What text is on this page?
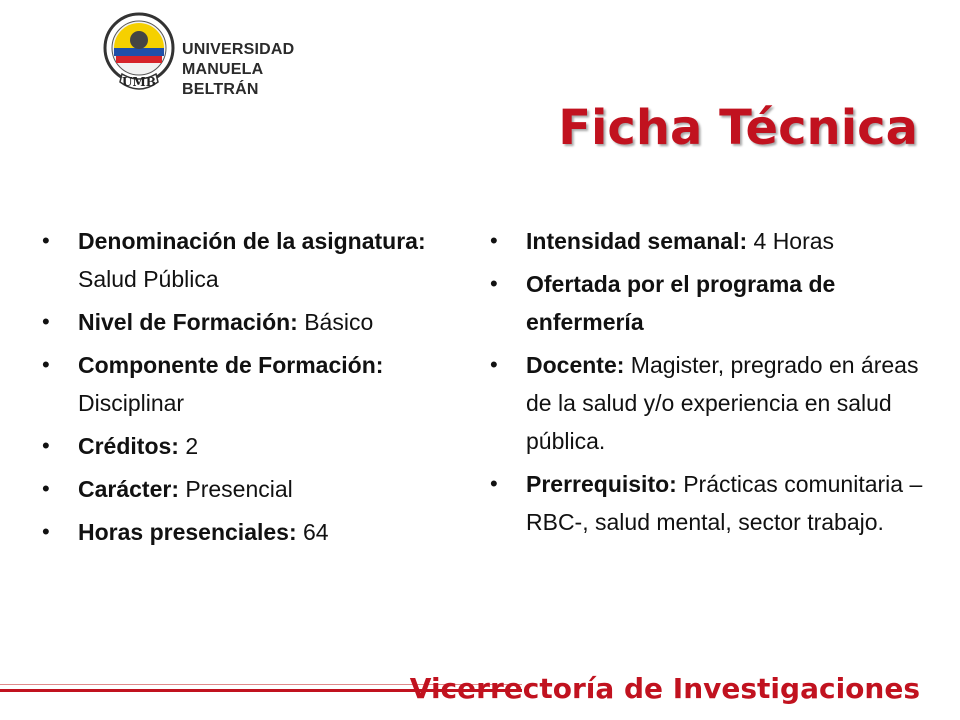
UMB
UNIVERSIDAD
MANUELA BELTRÁN
Ficha Técnica
• Denominación de la asignatura: Salud Pública
• Nivel de Formación: Básico
• Componente de Formación: Disciplinar
• Créditos: 2
• Carácter: Presencial
• Horas presenciales: 64
• Intensidad semanal: 4 Horas
• Ofertada por el programa de enfermería
• Docente: Magister, pregrado en áreas de la salud y/o experiencia en salud pública.
• Prerrequisito: Prácticas comunitaria – RBC-, salud mental, sector trabajo.
Vicerrectoría de Investigaciones
